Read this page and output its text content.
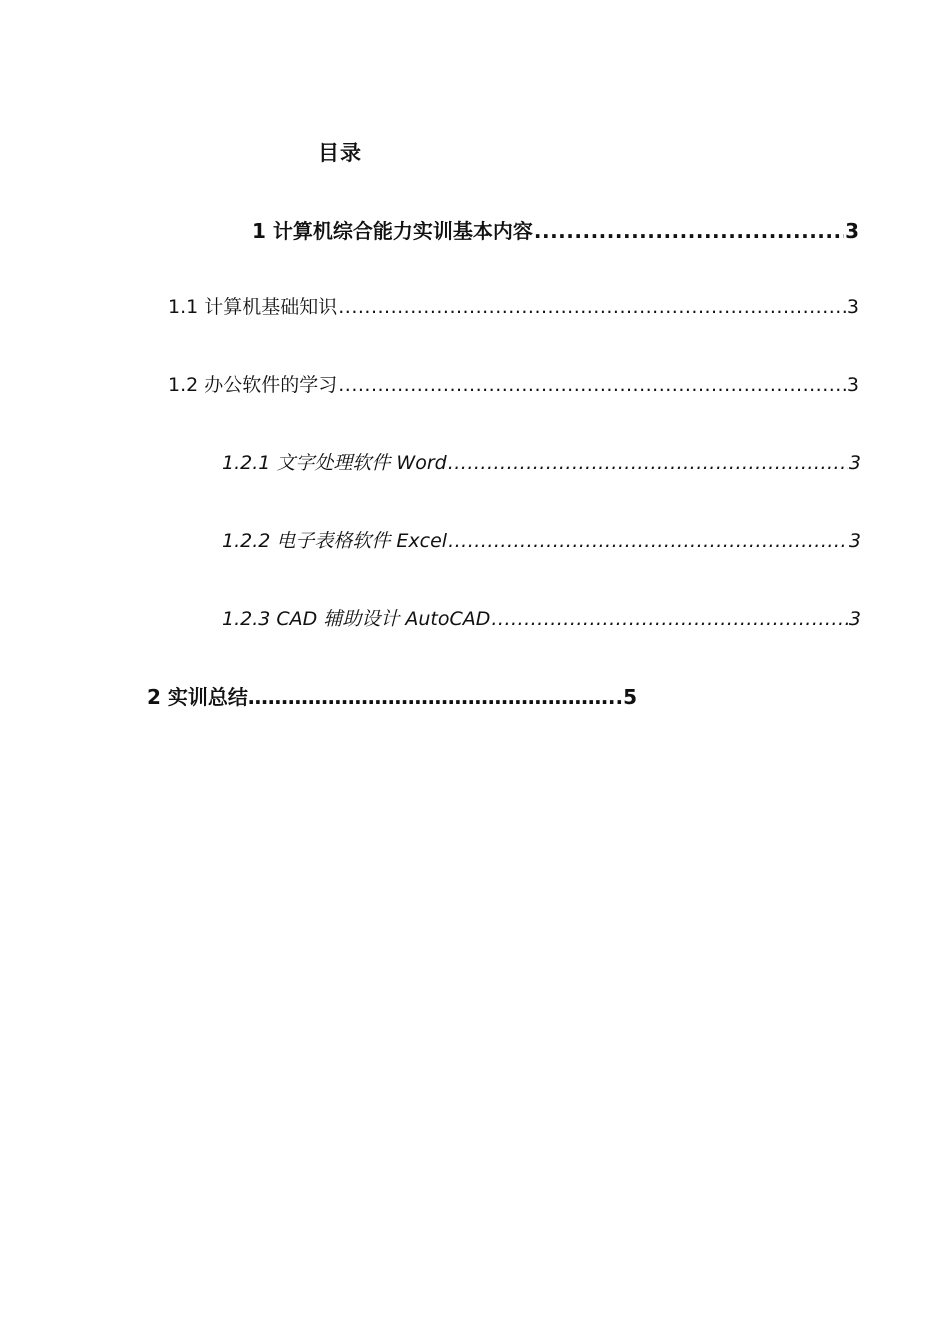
目录
1 计算机综合能力实训基本内容 .....	3
1.1 计算机基础知识 .....	3
1.2 办公软件的学习 .....	3
1.2.1 文字处理软件 Word .....	3
1.2.2 电子表格软件 Excel .....	3
1.2.3 CAD 辅助设计 AutoCAD .....	3
2 实训总结………………………………………………..5
